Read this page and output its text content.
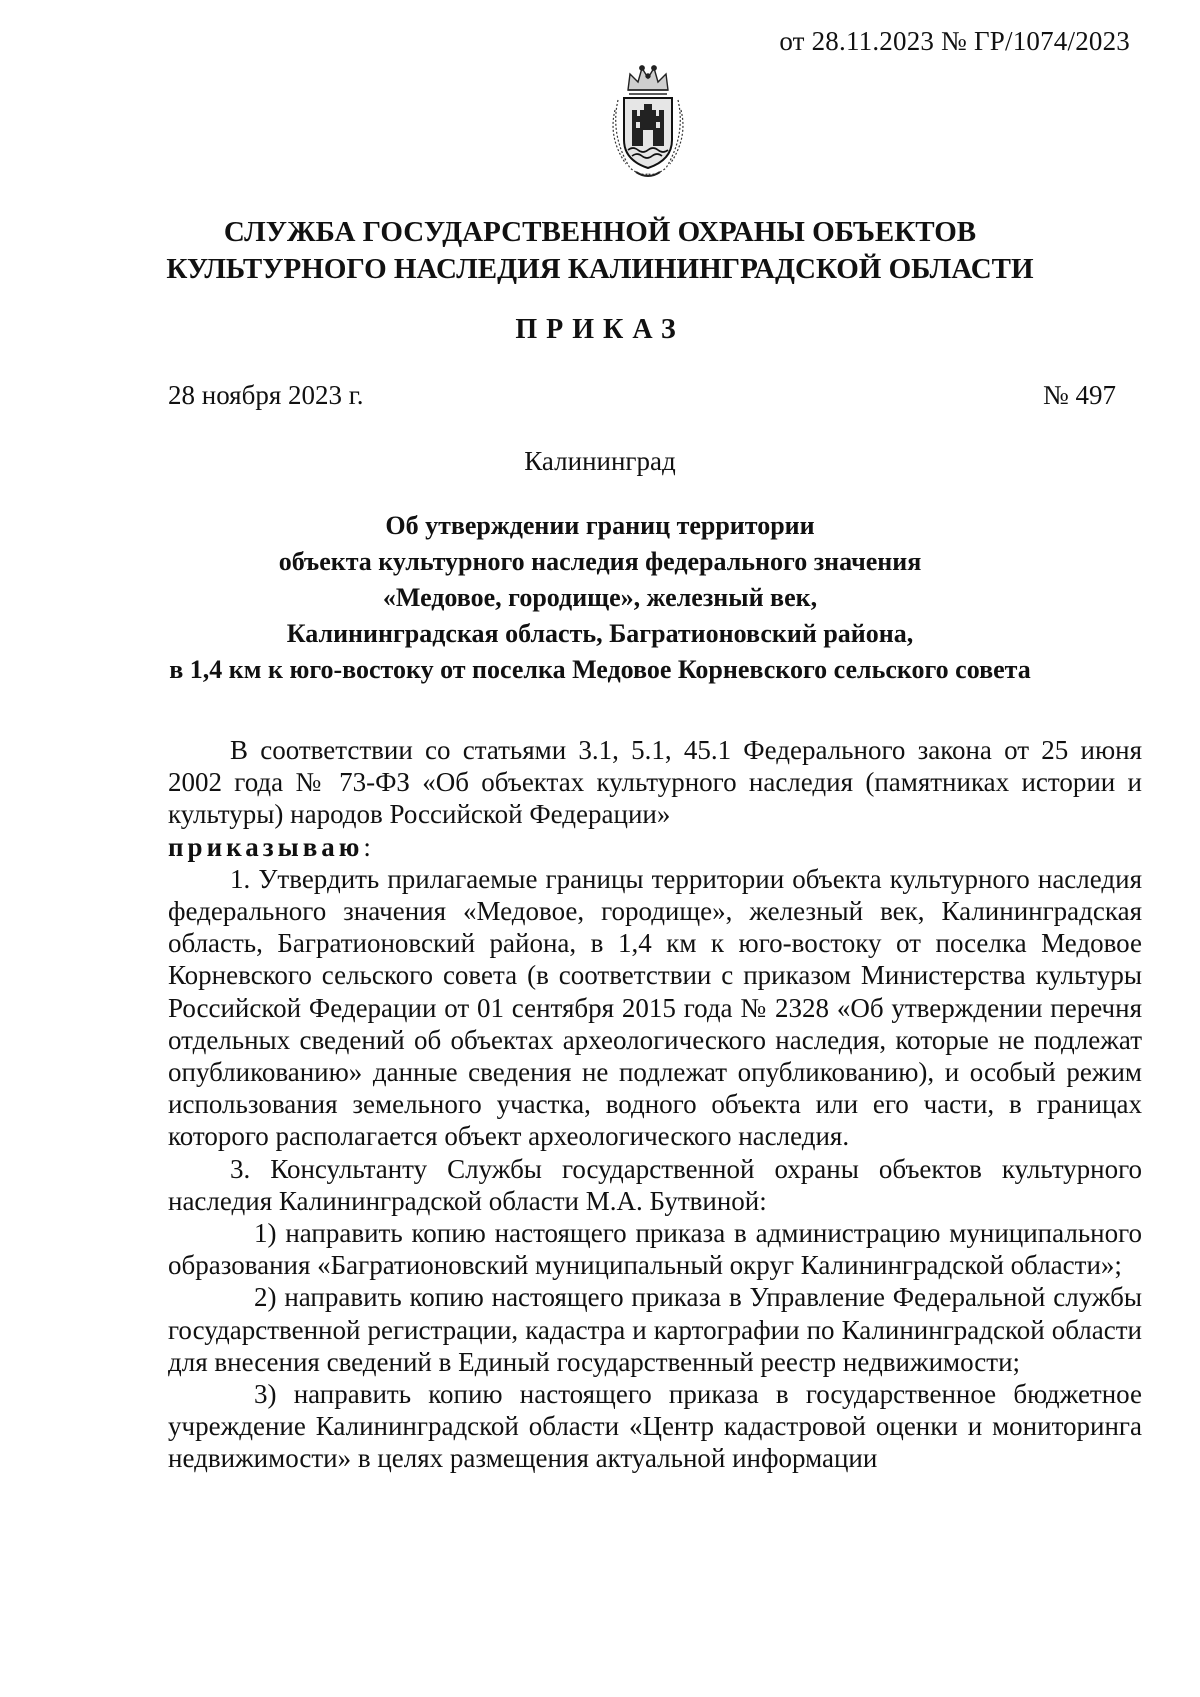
от 28.11.2023 № ГР/1074/2023
СЛУЖБА ГОСУДАРСТВЕННОЙ ОХРАНЫ ОБЪЕКТОВ
КУЛЬТУРНОГО НАСЛЕДИЯ КАЛИНИНГРАДСКОЙ ОБЛАСТИ
ПРИКАЗ
28 ноября 2023 г.	№ 497
Калининград
Об утверждении границ территории
объекта культурного наследия федерального значения
«Медовое, городище», железный век,
Калининградская область, Багратионовский района,
в 1,4 км к юго-востоку от поселка Медовое Корневского сельского совета

В соответствии со статьями 3.1, 5.1, 45.1 Федерального закона от 25 июня 2002 года № 73-ФЗ «Об объектах культурного наследия (памятниках истории и культуры) народов Российской Федерации»

приказываю:

1. Утвердить прилагаемые границы территории объекта культурного наследия федерального значения «Медовое, городище», железный век, Калининградская область, Багратионовский района, в 1,4 км к юго-востоку от поселка Медовое Корневского сельского совета (в соответствии с приказом Министерства культуры Российской Федерации от 01 сентября 2015 года № 2328 «Об утверждении перечня отдельных сведений об объектах археологического наследия, которые не подлежат опубликованию» данные сведения не подлежат опубликованию), и особый режим использования земельного участка, водного объекта или его части, в границах которого располагается объект археологического наследия.

3. Консультанту Службы государственной охраны объектов культурного наследия Калининградской области М.А. Бутвиной:

1) направить копию настоящего приказа в администрацию муниципального образования «Багратионовский муниципальный округ Калининградской области»;

2) направить копию настоящего приказа в Управление Федеральной службы государственной регистрации, кадастра и картографии по Калининградской области для внесения сведений в Единый государственный реестр недвижимости;

3) направить копию настоящего приказа в государственное бюджетное учреждение Калининградской области «Центр кадастровой оценки и мониторинга недвижимости» в целях размещения актуальной информации
